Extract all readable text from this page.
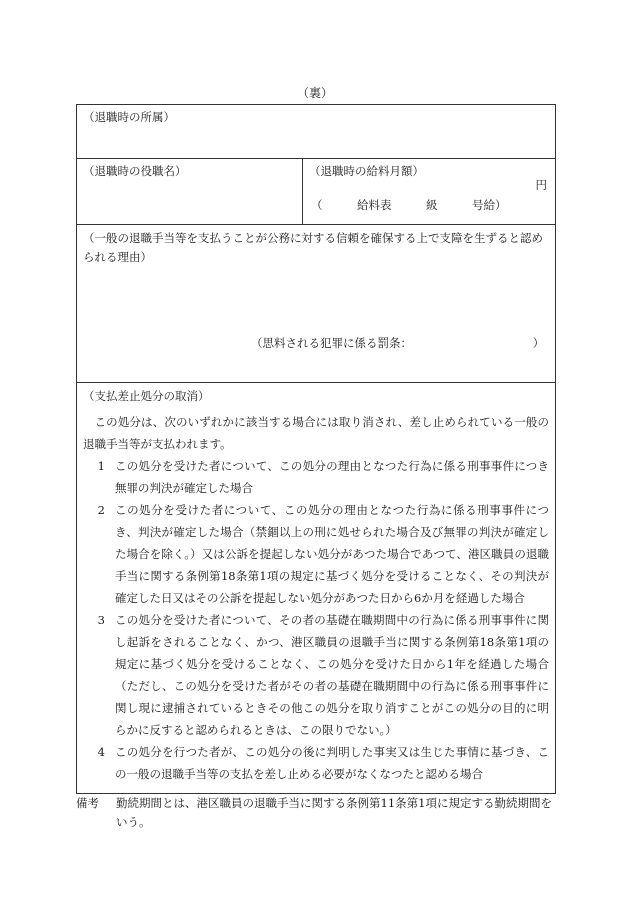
（裏）
（退職時の所属）
（退職時の役職名）	（退職時の給料月額）
円
（　　　給料表　　　級　　　号給）
（一般の退職手当等を支払うことが公務に対する信頼を確保する上で支障を生ずると認められる理由）
（思料される犯罪に係る罰条：　　　　　　　　　　　）
（支払差止処分の取消）

この処分は、次のいずれかに該当する場合には取り消され、差し止められている一般の退職手当等が支払われます。

1 この処分を受けた者について、この処分の理由となつた行為に係る刑事事件につき無罪の判決が確定した場合
2 この処分を受けた者について、この処分の理由となつた行為に係る刑事事件につき、判決が確定した場合（禁錮以上の刑に処せられた場合及び無罪の判決が確定した場合を除く。）又は公訴を提起しない処分があつた場合であつて、港区職員の退職手当に関する条例第18条第1項の規定に基づく処分を受けることなく、その判決が確定した日又はその公訴を提起しない処分があつた日から6か月を経過した場合
3 この処分を受けた者について、その者の基礎在職期間中の行為に係る刑事事件に関し起訴をされることなく、かつ、港区職員の退職手当に関する条例第18条第1項の規定に基づく処分を受けることなく、この処分を受けた日から1年を経過した場合（ただし、この処分を受けた者がその者の基礎在職期間中の行為に係る刑事事件に関し現に逮捕されているときその他この処分を取り消すことがこの処分の目的に明らかに反すると認められるときは、この限りでない。）
4 この処分を行つた者が、この処分の後に判明した事実又は生じた事情に基づき、この一般の退職手当等の支払を差し止める必要がなくなつたと認める場合
備考	勤続期間とは、港区職員の退職手当に関する条例第11条第1項に規定する勤続期間をいう。
